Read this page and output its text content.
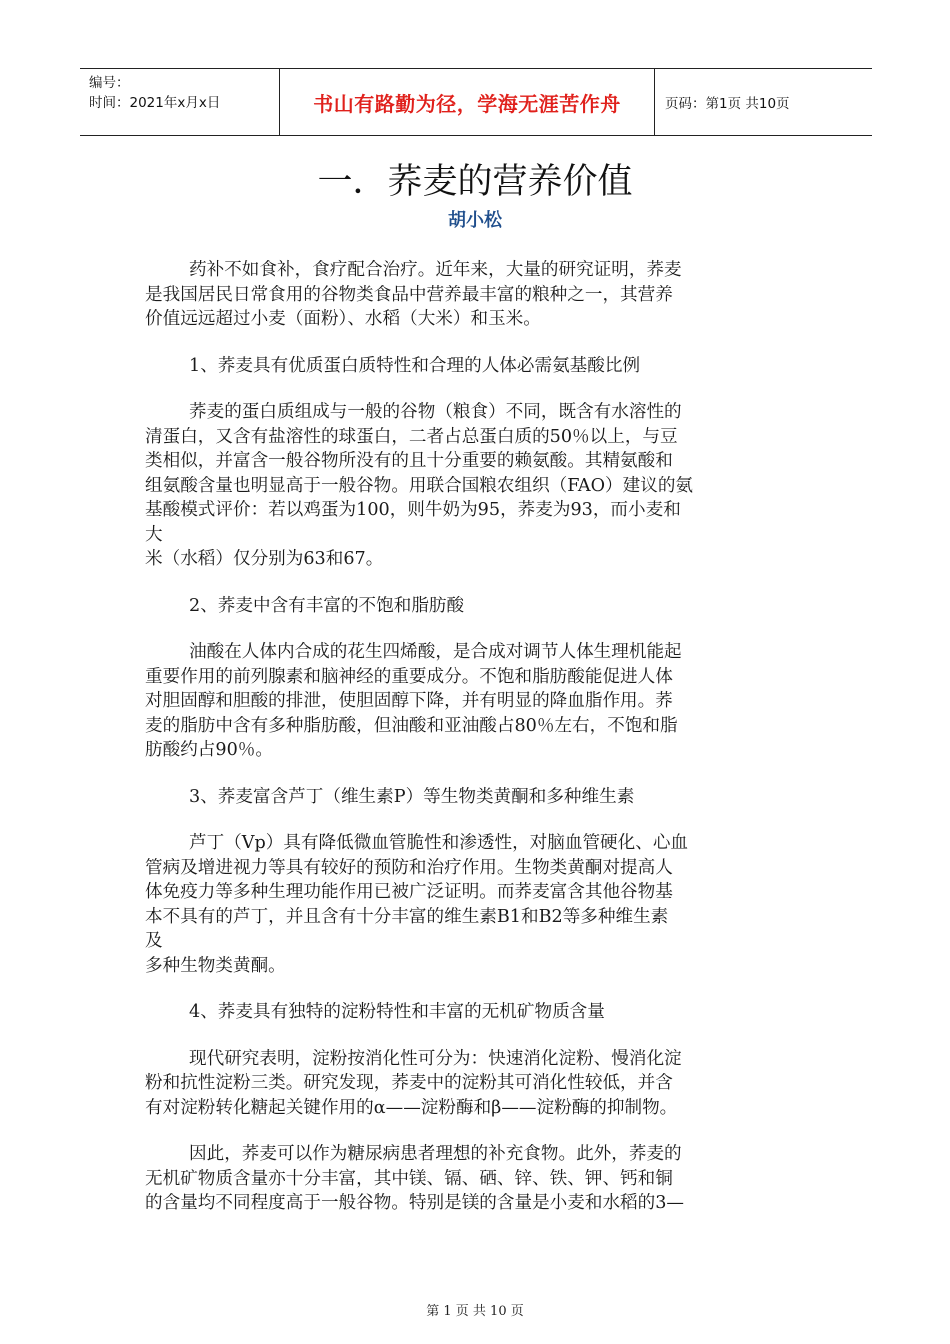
编号：
时间：2021年x月x日	书山有路勤为径，学海无涯苦作舟	页码：第1页 共10页
一．荞麦的营养价值
胡小松
药补不如食补，食疗配合治疗。近年来，大量的研究证明，荞麦
是我国居民日常食用的谷物类食品中营养最丰富的粮种之一，其营养
价值远远超过小麦（面粉）、水稻（大米）和玉米。
1、荞麦具有优质蛋白质特性和合理的人体必需氨基酸比例
荞麦的蛋白质组成与一般的谷物（粮食）不同，既含有水溶性的
清蛋白，又含有盐溶性的球蛋白，二者占总蛋白质的50％以上，与豆
类相似，并富含一般谷物所没有的且十分重要的赖氨酸。其精氨酸和
组氨酸含量也明显高于一般谷物。用联合国粮农组织（FAO）建议的氨
基酸模式评价：若以鸡蛋为100，则牛奶为95，荞麦为93，而小麦和
大
米（水稻）仅分别为63和67。
2、荞麦中含有丰富的不饱和脂肪酸
油酸在人体内合成的花生四烯酸，是合成对调节人体生理机能起
重要作用的前列腺素和脑神经的重要成分。不饱和脂肪酸能促进人体
对胆固醇和胆酸的排泄，使胆固醇下降，并有明显的降血脂作用。荞
麦的脂肪中含有多种脂肪酸，但油酸和亚油酸占80％左右，不饱和脂
肪酸约占90％。
3、荞麦富含芦丁（维生素P）等生物类黄酮和多种维生素
芦丁（Vp）具有降低微血管脆性和渗透性，对脑血管硬化、心血
管病及增进视力等具有较好的预防和治疗作用。生物类黄酮对提高人
体免疫力等多种生理功能作用已被广泛证明。而荞麦富含其他谷物基
本不具有的芦丁，并且含有十分丰富的维生素B1和B2等多种维生素
及
多种生物类黄酮。
4、荞麦具有独特的淀粉特性和丰富的无机矿物质含量
现代研究表明，淀粉按消化性可分为：快速消化淀粉、慢消化淀
粉和抗性淀粉三类。研究发现，荞麦中的淀粉其可消化性较低，并含
有对淀粉转化糖起关键作用的α——淀粉酶和β——淀粉酶的抑制物。
因此，荞麦可以作为糖尿病患者理想的补充食物。此外，荞麦的
无机矿物质含量亦十分丰富，其中镁、镉、硒、锌、铁、钾、钙和铜
的含量均不同程度高于一般谷物。特别是镁的含量是小麦和水稻的3—
第 1 页 共 10 页
